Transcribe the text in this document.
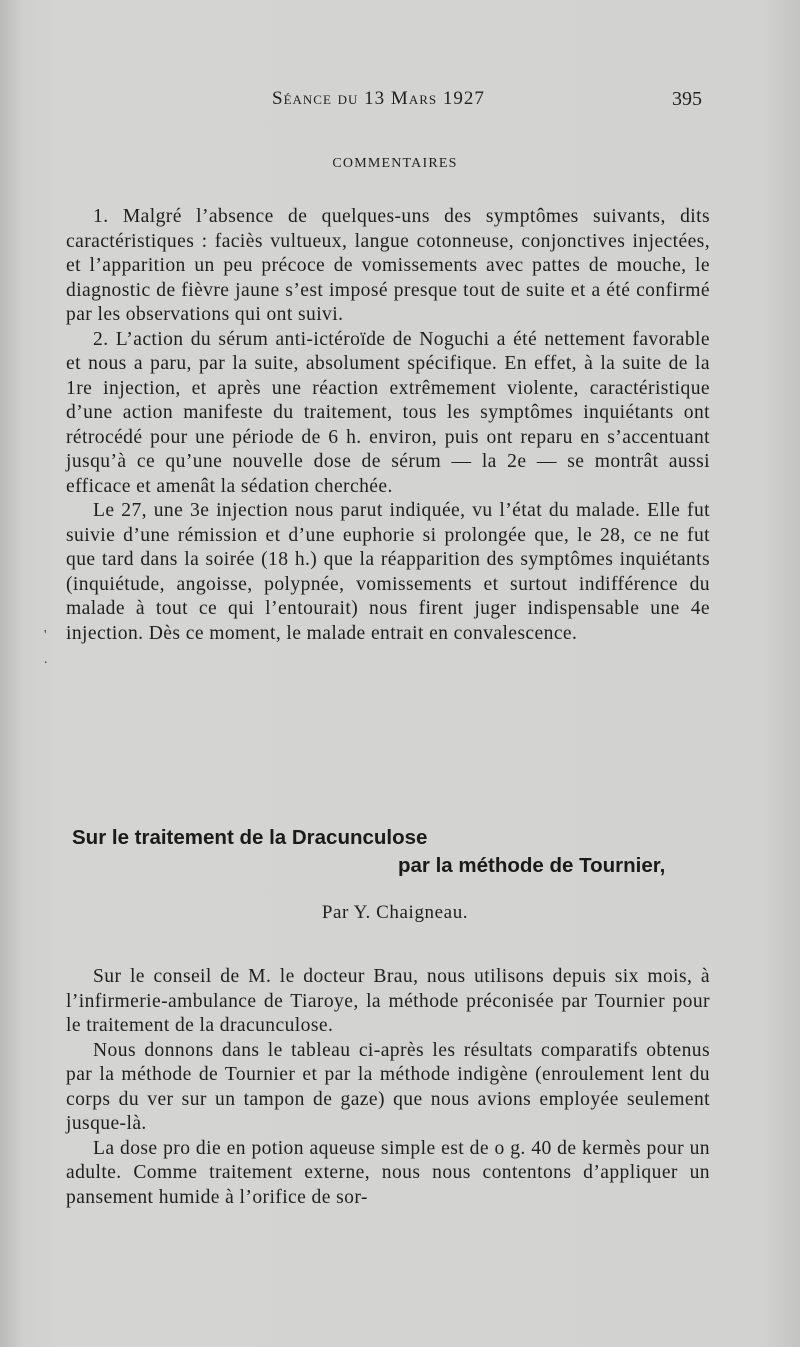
Séance du 13 Mars 1927	395
COMMENTAIRES

1. Malgré l’absence de quelques-uns des symptômes suivants, dits caractéristiques : faciès vultueux, langue cotonneuse, conjonctives injectées, et l’apparition un peu précoce de vomissements avec pattes de mouche, le diagnostic de fièvre jaune s’est imposé presque tout de suite et a été confirmé par les observations qui ont suivi.

2. L’action du sérum anti-ictéroïde de Noguchi a été nettement favorable et nous a paru, par la suite, absolument spécifique. En effet, à la suite de la 1re injection, et après une réaction extrêmement violente, caractéristique d’une action manifeste du traitement, tous les symptômes inquiétants ont rétrocédé pour une période de 6 h. environ, puis ont reparu en s’accentuant jusqu’à ce qu’une nouvelle dose de sérum — la 2e — se montrât aussi efficace et amenât la sédation cherchée.

Le 27, une 3e injection nous parut indiquée, vu l’état du malade. Elle fut suivie d’une rémission et d’une euphorie si prolongée que, le 28, ce ne fut que tard dans la soirée (18 h.) que la réapparition des symptômes inquiétants (inquiétude, angoisse, polypnée, vomissements et surtout indifférence du malade à tout ce qui l’entourait) nous firent juger indispensable une 4e injection. Dès ce moment, le malade entrait en convalescence.

Sur le traitement de la Dracunculose
par la méthode de Tournier,
Par Y. Chaigneau.

Sur le conseil de M. le docteur Brau, nous utilisons depuis six mois, à l’infirmerie-ambulance de Tiaroye, la méthode préconisée par Tournier pour le traitement de la dracunculose.

Nous donnons dans le tableau ci-après les résultats comparatifs obtenus par la méthode de Tournier et par la méthode indigène (enroulement lent du corps du ver sur un tampon de gaze) que nous avions employée seulement jusque-là.

La dose pro die en potion aqueuse simple est de o g. 40 de kermès pour un adulte. Comme traitement externe, nous nous contentons d’appliquer un pansement humide à l’orifice de sor-

'
.
